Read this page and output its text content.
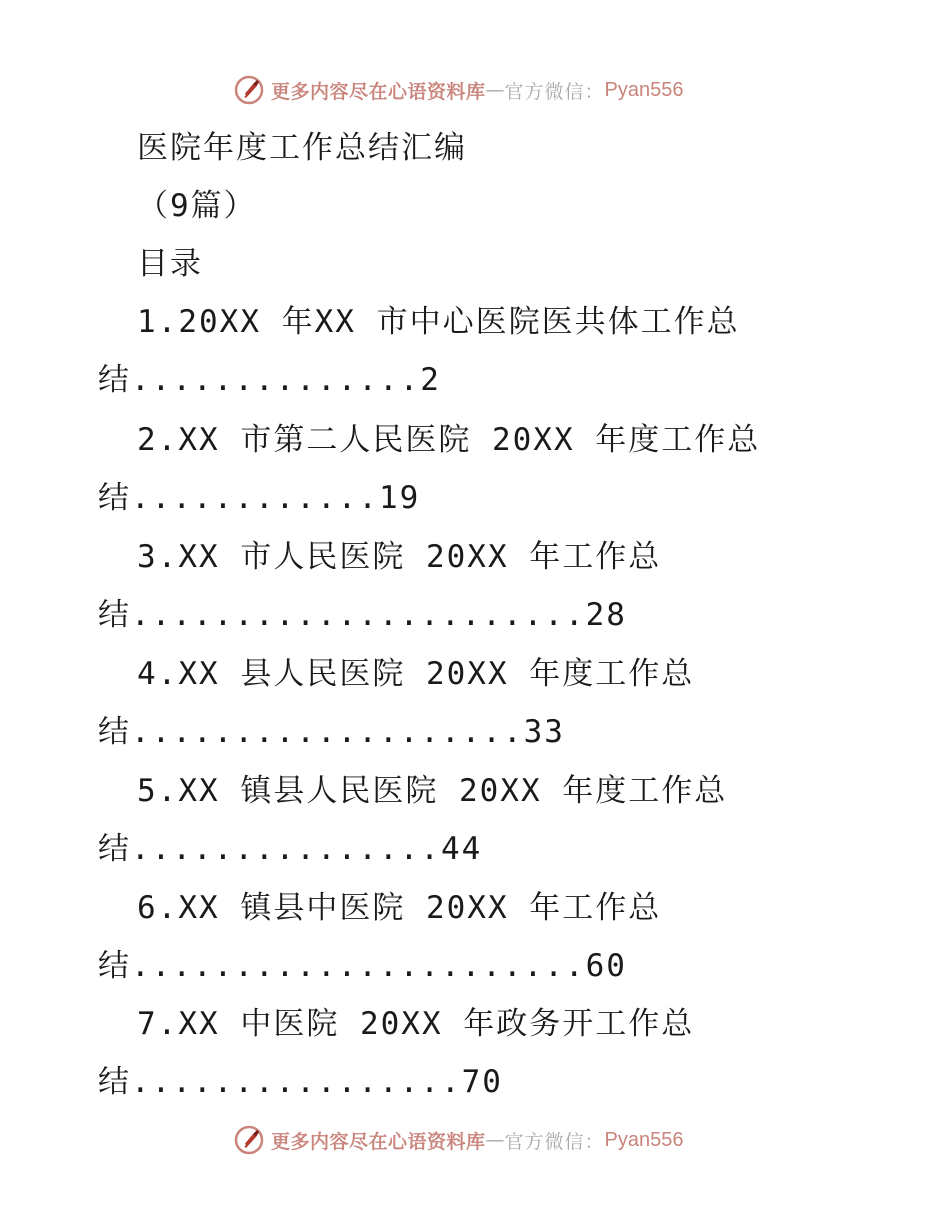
更多内容尽在心语资料库 — 官方微信： Pyan556
医院年度工作总结汇编
（9篇）
目录
1.20XX 年XX 市中心医院医共体工作总
结..............2
2.XX 市第二人民医院 20XX 年度工作总
结............19
3.XX 市人民医院 20XX 年工作总
结......................28
4.XX 县人民医院 20XX 年度工作总
结...................33
5.XX 镇县人民医院 20XX 年度工作总
结...............44
6.XX 镇县中医院 20XX 年工作总
结......................60
7.XX 中医院 20XX 年政务开工作总
结................70
更多内容尽在心语资料库 — 官方微信： Pyan556
